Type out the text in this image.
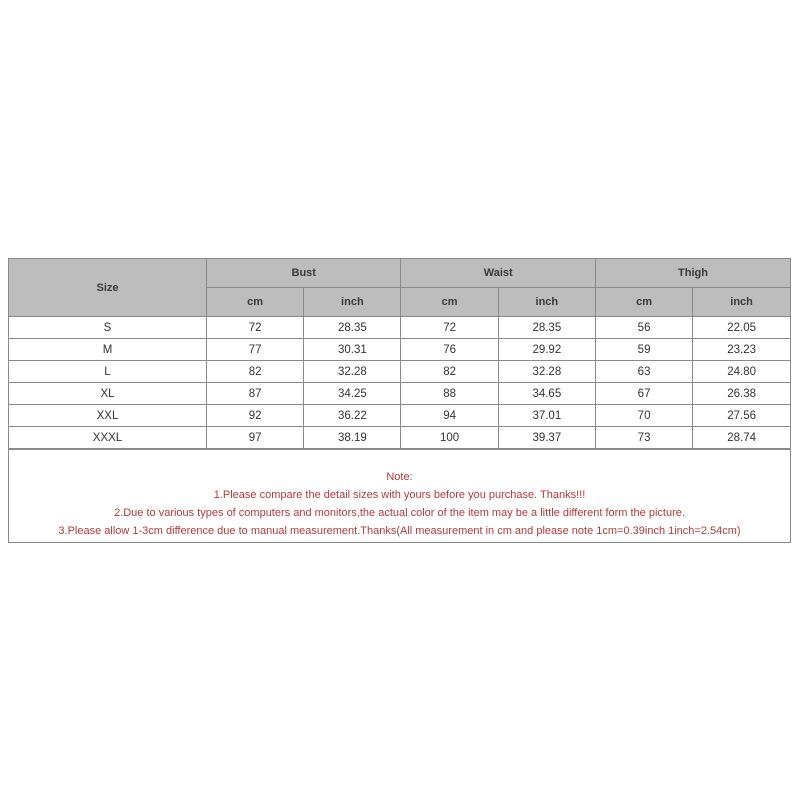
Size	Bust		Waist		Thigh	
	cm	inch	cm	inch	cm	inch
S	72	28.35	72	28.35	56	22.05
M	77	30.31	76	29.92	59	23.23
L	82	32.28	82	32.28	63	24.80
XL	87	34.25	88	34.65	67	26.38
XXL	92	36.22	94	37.01	70	27.56
XXXL	97	38.19	100	39.37	73	28.74
Note:
1.Please compare the detail sizes with yours before you purchase. Thanks!!!
2.Due to various types of computers and monitors,the actual color of the item may be a little different form the picture.
3.Please allow 1-3cm difference due to manual measurement.Thanks(All measurement in cm and please note 1cm=0.39inch 1inch=2.54cm)
